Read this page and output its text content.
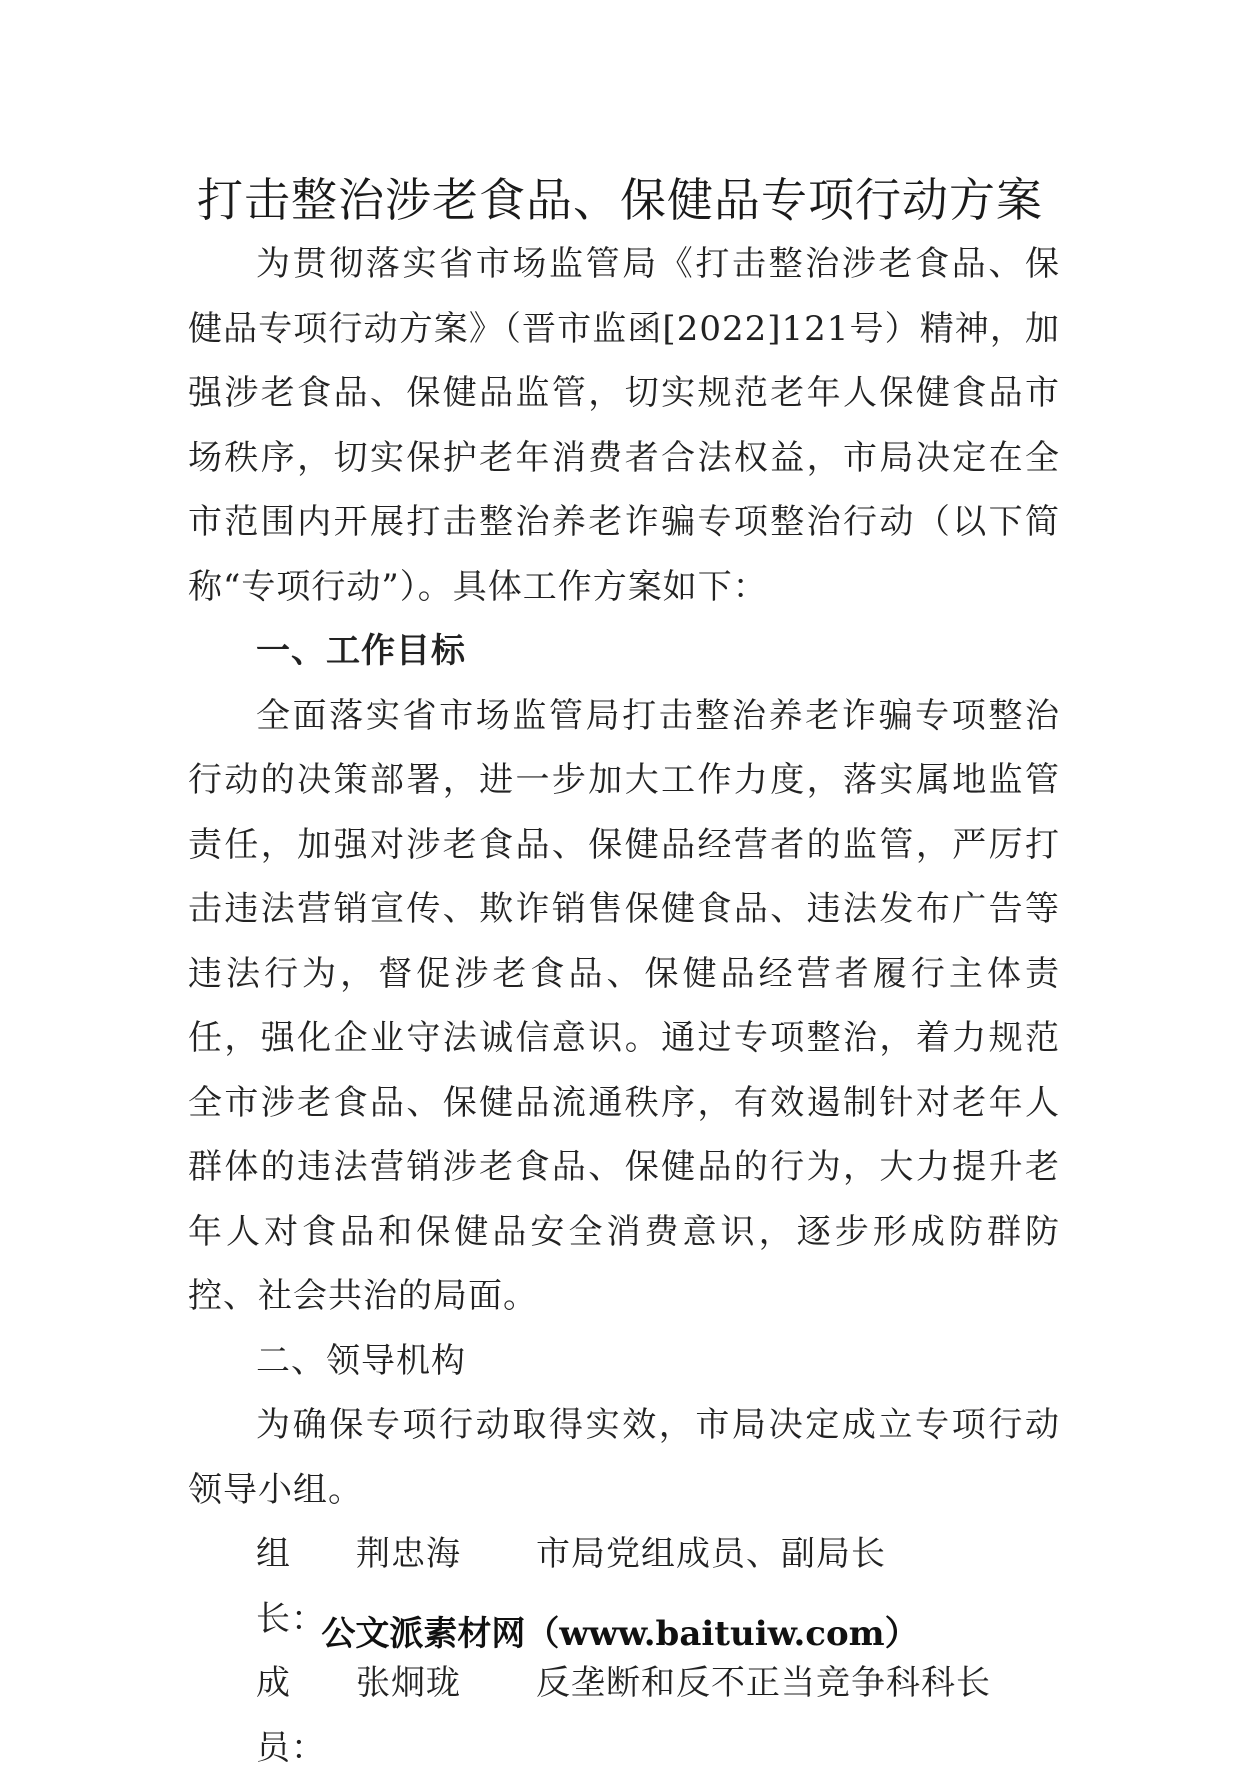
打击整治涉老食品、保健品专项行动方案

为贯彻落实省市场监管局《打击整治涉老食品、保健品专项行动方案》（晋市监函[2022]121号）精神，加强涉老食品、保健品监管，切实规范老年人保健食品市场秩序，切实保护老年消费者合法权益，市局决定在全市范围内开展打击整治养老诈骗专项整治行动（以下简称“专项行动”）。具体工作方案如下：

一、工作目标

全面落实省市场监管局打击整治养老诈骗专项整治行动的决策部署，进一步加大工作力度，落实属地监管责任，加强对涉老食品、保健品经营者的监管，严厉打击违法营销宣传、欺诈销售保健食品、违法发布广告等违法行为，督促涉老食品、保健品经营者履行主体责任，强化企业守法诚信意识。通过专项整治，着力规范全市涉老食品、保健品流通秩序，有效遏制针对老年人群体的违法营销涉老食品、保健品的行为，大力提升老年人对食品和保健品安全消费意识，逐步形成防群防控、社会共治的局面。

二、领导机构

为确保专项行动取得实效，市局决定成立专项行动领导小组。

组长：
荆忠海	市局党组成员、副局长
成员：
张炯珑	反垄断和反不正当竞争科科长
公文派素材网（www.baituiw.com）
